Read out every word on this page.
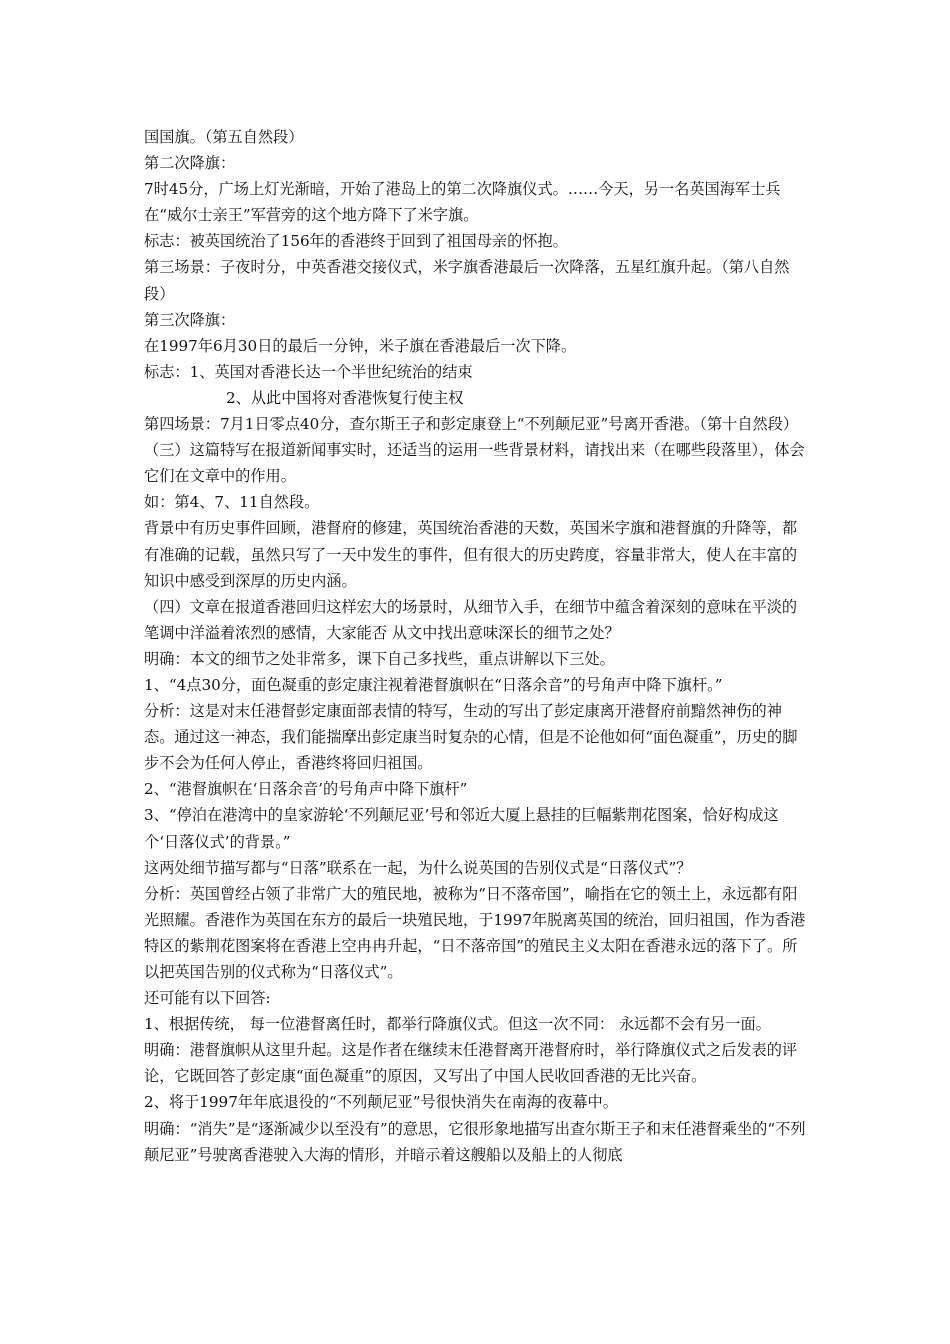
国国旗。（第五自然段）

第二次降旗：

7时45分，广场上灯光渐暗，开始了港岛上的第二次降旗仪式。……今天，另一名英国海军士兵在“威尔士亲王”军营旁的这个地方降下了米字旗。

标志：被英国统治了156年的香港终于回到了祖国母亲的怀抱。

第三场景：子夜时分，中英香港交接仪式，米字旗香港最后一次降落，五星红旗升起。（第八自然段）

第三次降旗：

在1997年6月30日的最后一分钟，米子旗在香港最后一次下降。

标志：1、英国对香港长达一个半世纪统治的结束

2、从此中国将对香港恢复行使主权

第四场景：7月1日零点40分，查尔斯王子和彭定康登上“不列颠尼亚”号离开香港。（第十自然段）

（三）这篇特写在报道新闻事实时，还适当的运用一些背景材料，请找出来（在哪些段落里），体会它们在文章中的作用。

如：第4、7、11自然段。

背景中有历史事件回顾，港督府的修建，英国统治香港的天数，英国米字旗和港督旗的升降等，都有准确的记载，虽然只写了一天中发生的事件，但有很大的历史跨度，容量非常大，使人在丰富的知识中感受到深厚的历史内涵。

（四）文章在报道香港回归这样宏大的场景时，从细节入手，在细节中蕴含着深刻的意味在平淡的笔调中洋溢着浓烈的感情，大家能否 从文中找出意味深长的细节之处？

明确：本文的细节之处非常多，课下自己多找些，重点讲解以下三处。

1、“4点30分，面色凝重的彭定康注视着港督旗帜在“日落余音”的号角声中降下旗杆。”

分析：这是对末任港督彭定康面部表情的特写，生动的写出了彭定康离开港督府前黯然神伤的神态。通过这一神态，我们能揣摩出彭定康当时复杂的心情，但是不论他如何“面色凝重”，历史的脚步不会为任何人停止，香港终将回归祖国。

2、“港督旗帜在‘日落余音’的号角声中降下旗杆”

3、“停泊在港湾中的皇家游轮‘不列颠尼亚’号和邻近大厦上悬挂的巨幅紫荆花图案，恰好构成这个‘日落仪式’的背景。”

这两处细节描写都与“日落”联系在一起，为什么说英国的告别仪式是“日落仪式”？

分析：英国曾经占领了非常广大的殖民地，被称为“日不落帝国”，喻指在它的领土上，永远都有阳光照耀。香港作为英国在东方的最后一块殖民地，于1997年脱离英国的统治，回归祖国，作为香港特区的紫荆花图案将在香港上空冉冉升起，“日不落帝国”的殖民主义太阳在香港永远的落下了。所以把英国告别的仪式称为“日落仪式”。

还可能有以下回答:

1、根据传统， 每一位港督离任时，都举行降旗仪式。但这一次不同： 永远都不会有另一面。

明确：港督旗帜从这里升起。这是作者在继续末任港督离开港督府时，举行降旗仪式之后发表的评论，它既回答了彭定康“面色凝重”的原因，又写出了中国人民收回香港的无比兴奋。

2、将于1997年年底退役的“不列颠尼亚”号很快消失在南海的夜幕中。

明确：“消失”是“逐渐减少以至没有”的意思，它很形象地描写出查尔斯王子和末任港督乘坐的“不列颠尼亚”号驶离香港驶入大海的情形，并暗示着这艘船以及船上的人彻底
